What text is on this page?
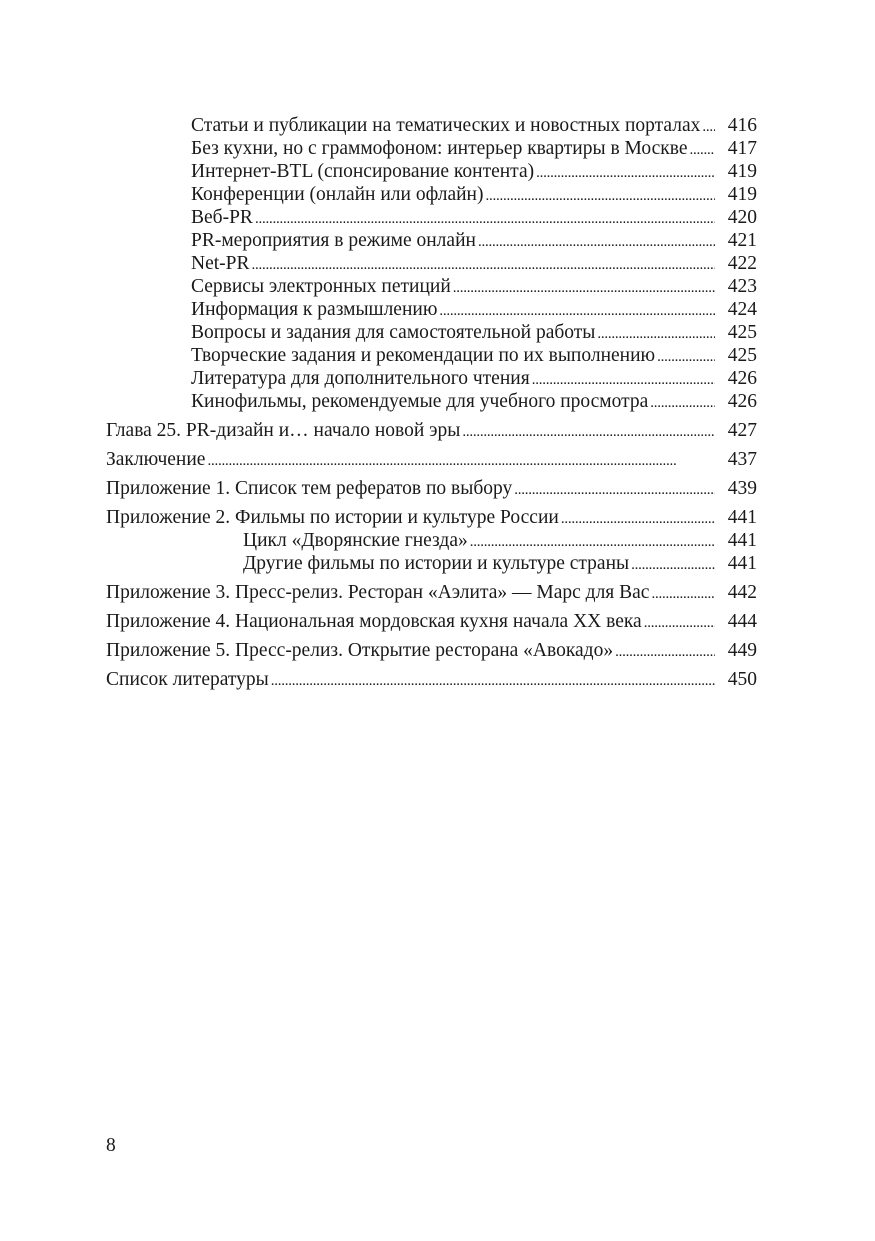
Статьи и публикации на тематических и новостных порталах . . .	416
Без кухни, но с граммофоном: интерьер квартиры в Москве . . .	417
Интернет-BTL (спонсирование контента) . . .	419
Конференции (онлайн или офлайн) . . .	419
Веб-PR . . .	420
PR-мероприятия в режиме онлайн . . .	421
Net-PR . . .	422
Сервисы электронных петиций . . .	423
Информация к размышлению . . .	424
Вопросы и задания для самостоятельной работы . . .	425
Творческие задания и рекомендации по их выполнению . . .	425
Литература для дополнительного чтения . . .	426
Кинофильмы, рекомендуемые для учебного просмотра . . .	426
Глава 25. PR-дизайн и… начало новой эры . . .	427
Заключение . . .	437
Приложение 1. Список тем рефератов по выбору . . .	439
Приложение 2. Фильмы по истории и культуре России . . .	441
Цикл «Дворянские гнезда» . . .	441
Другие фильмы по истории и культуре страны . . .	441
Приложение 3. Пресс-релиз. Ресторан «Аэлита» — Марс для Вас . . .	442
Приложение 4. Национальная мордовская кухня начала XX века . . .	444
Приложение 5. Пресс-релиз. Открытие ресторана «Авокадо» . . .	449
Список литературы . . .	450
8
